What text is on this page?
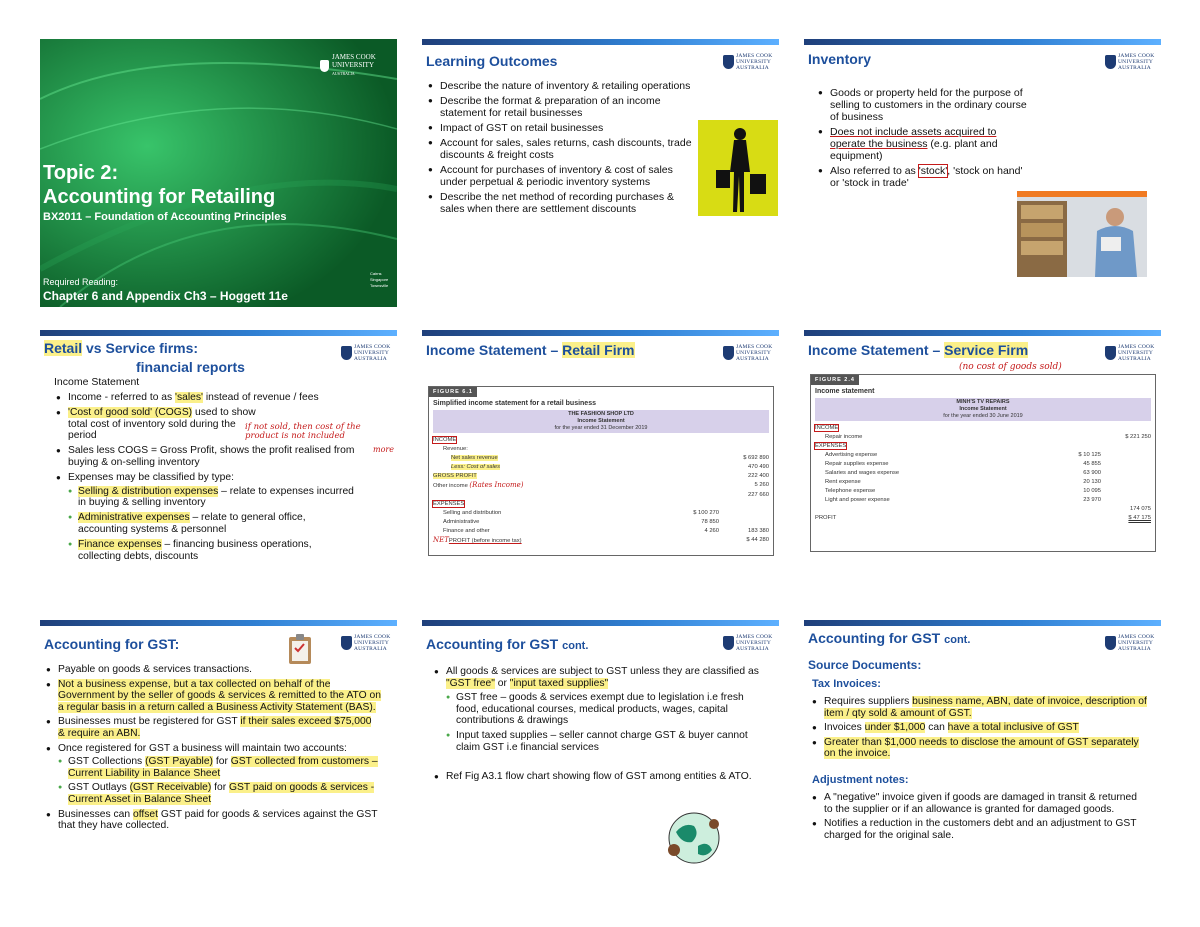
JAMES COOK
UNIVERSITY
AUSTRALIA
Topic 2:
Accounting for Retailing
BX2011 – Foundation of Accounting Principles
Required Reading:
Chapter 6 and Appendix Ch3 – Hoggett 11e
Cairns
Singapore
Townsville
JAMES COOK
UNIVERSITY
AUSTRALIA
Learning Outcomes
● Describe the nature of inventory & retailing operations
● Describe the format & preparation of an income statement for retail businesses
● Impact of GST on retail businesses
● Account for sales, sales returns, cash discounts, trade discounts & freight costs
● Account for purchases of inventory & cost of sales under perpetual & periodic inventory systems
● Describe the net method of recording purchases & sales when there are settlement discounts
JAMES COOK
UNIVERSITY
AUSTRALIA
Inventory
● Goods or property held for the purpose of selling to customers in the ordinary course of business
● Does not include assets acquired to operate the business (e.g. plant and equipment)
● Also referred to as 'stock', 'stock on hand' or 'stock in trade'
JAMES COOK
UNIVERSITY
AUSTRALIA
Retail vs Service firms:
financial reports
Income Statement
● Income - referred to as 'sales' instead of revenue / fees
● 'Cost of good sold' (COGS) used to show total cost of inventory sold during the period
● Sales less COGS = Gross Profit, shows the profit realised from buying & on-selling inventory
● Expenses may be classified by type:
● Selling & distribution expenses – relate to expenses incurred in buying & selling inventory
● Administrative expenses – relate to general office, accounting systems & personnel
● Finance expenses – financing business operations, collecting debts, discounts
if not sold, then cost of the product is not included
more
JAMES COOK
UNIVERSITY
AUSTRALIA
Income Statement – Retail Firm
FIGURE 6.1
Simplified income statement for a retail business
THE FASHION SHOP LTD
Income Statement
for the year ended 31 December 2019
INCOME
Revenue:
Net sales revenue	$ 692 890
Less: Cost of sales	470 490
GROSS PROFIT	222 400
Other income (Rates Income)	5 260
227 660
EXPENSES
Selling and distribution	$ 100 270
Administrative	78 850
Finance and other	4 260	183 380
NETPROFIT (before income tax)	$ 44 280
JAMES COOK
UNIVERSITY
AUSTRALIA
Income Statement – Service Firm
(no cost of goods sold)
FIGURE 2.4
Income statement
MINH'S TV REPAIRS
Income Statement
for the year ended 30 June 2019
INCOME
Repair income	$ 221 250
EXPENSES
Advertising expense	$ 10 125
Repair supplies expense	45 855
Salaries and wages expense	63 900
Rent expense	20 130
Telephone expense	10 095
Light and power expense	23 970
174 075
PROFIT	$ 47 175
JAMES COOK
UNIVERSITY
AUSTRALIA
Accounting for GST:
● Payable on goods & services transactions.
● Not a business expense, but a tax collected on behalf of the Government by the seller of goods & services & remitted to the ATO on a regular basis in a return called a Business Activity Statement (BAS).
● Businesses must be registered for GST if their sales exceed $75,000 & require an ABN.
● Once registered for GST a business will maintain two accounts:
● GST Collections (GST Payable) for GST collected from customers – Current Liability in Balance Sheet
● GST Outlays (GST Receivable) for GST paid on goods & services - Current Asset in Balance Sheet
● Businesses can offset GST paid for goods & services against the GST that they have collected.
JAMES COOK
UNIVERSITY
AUSTRALIA
Accounting for GST cont.
● All goods & services are subject to GST unless they are classified as "GST free" or "input taxed supplies"
● GST free – goods & services exempt due to legislation i.e fresh food, educational courses, medical products, wages, capital contributions & drawings
● Input taxed supplies – seller cannot charge GST & buyer cannot claim GST i.e financial services
● Ref Fig A3.1 flow chart showing flow of GST among entities & ATO.
JAMES COOK
UNIVERSITY
AUSTRALIA
Accounting for GST cont.
Source Documents:
Tax Invoices:
● Requires suppliers business name, ABN, date of invoice, description of item / qty sold & amount of GST.
● Invoices under $1,000 can have a total inclusive of GST
● Greater than $1,000 needs to disclose the amount of GST separately on the invoice.
Adjustment notes:
● A "negative" invoice given if goods are damaged in transit & returned to the supplier or if an allowance is granted for damaged goods.
● Notifies a reduction in the customers debt and an adjustment to GST charged for the original sale.
